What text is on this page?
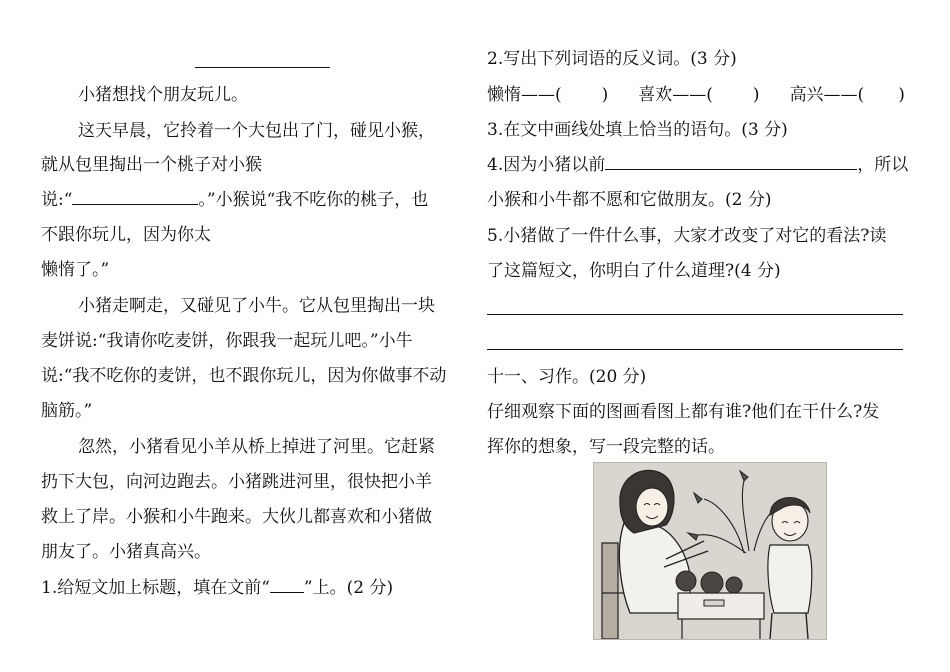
小猪想找个朋友玩儿。
这天早晨，它拎着一个大包出了门，碰见小猴，
就从包里掏出一个桃子对小猴
说:“	。”小猴说“我不吃你的桃子，也
不跟你玩儿，因为你太
懒惰了。”
小猪走啊走，又碰见了小牛。它从包里掏出一块
麦饼说:“我请你吃麦饼，你跟我一起玩儿吧。”小牛
说:“我不吃你的麦饼，也不跟你玩儿，因为你做事不动
脑筋。”
忽然，小猪看见小羊从桥上掉进了河里。它赶紧
扔下大包，向河边跑去。小猪跳进河里，很快把小羊
救上了岸。小猴和小牛跑来。大伙儿都喜欢和小猪做
朋友了。小猪真高兴。
1.给短文加上标题，填在文前“ ”上。(2 分)
2.写出下列词语的反义词。(3 分)
懒惰——( ) 喜欢——( ) 高兴——( )
3.在文中画线处填上恰当的语句。(3 分)
4.因为小猪以前	，所以
小猴和小牛都不愿和它做朋友。(2 分)
5.小猪做了一件什么事，大家才改变了对它的看法?读
了这篇短文，你明白了什么道理?(4 分)
十一、习作。(20 分)
仔细观察下面的图画看图上都有谁?他们在干什么?发
挥你的想象，写一段完整的话。
